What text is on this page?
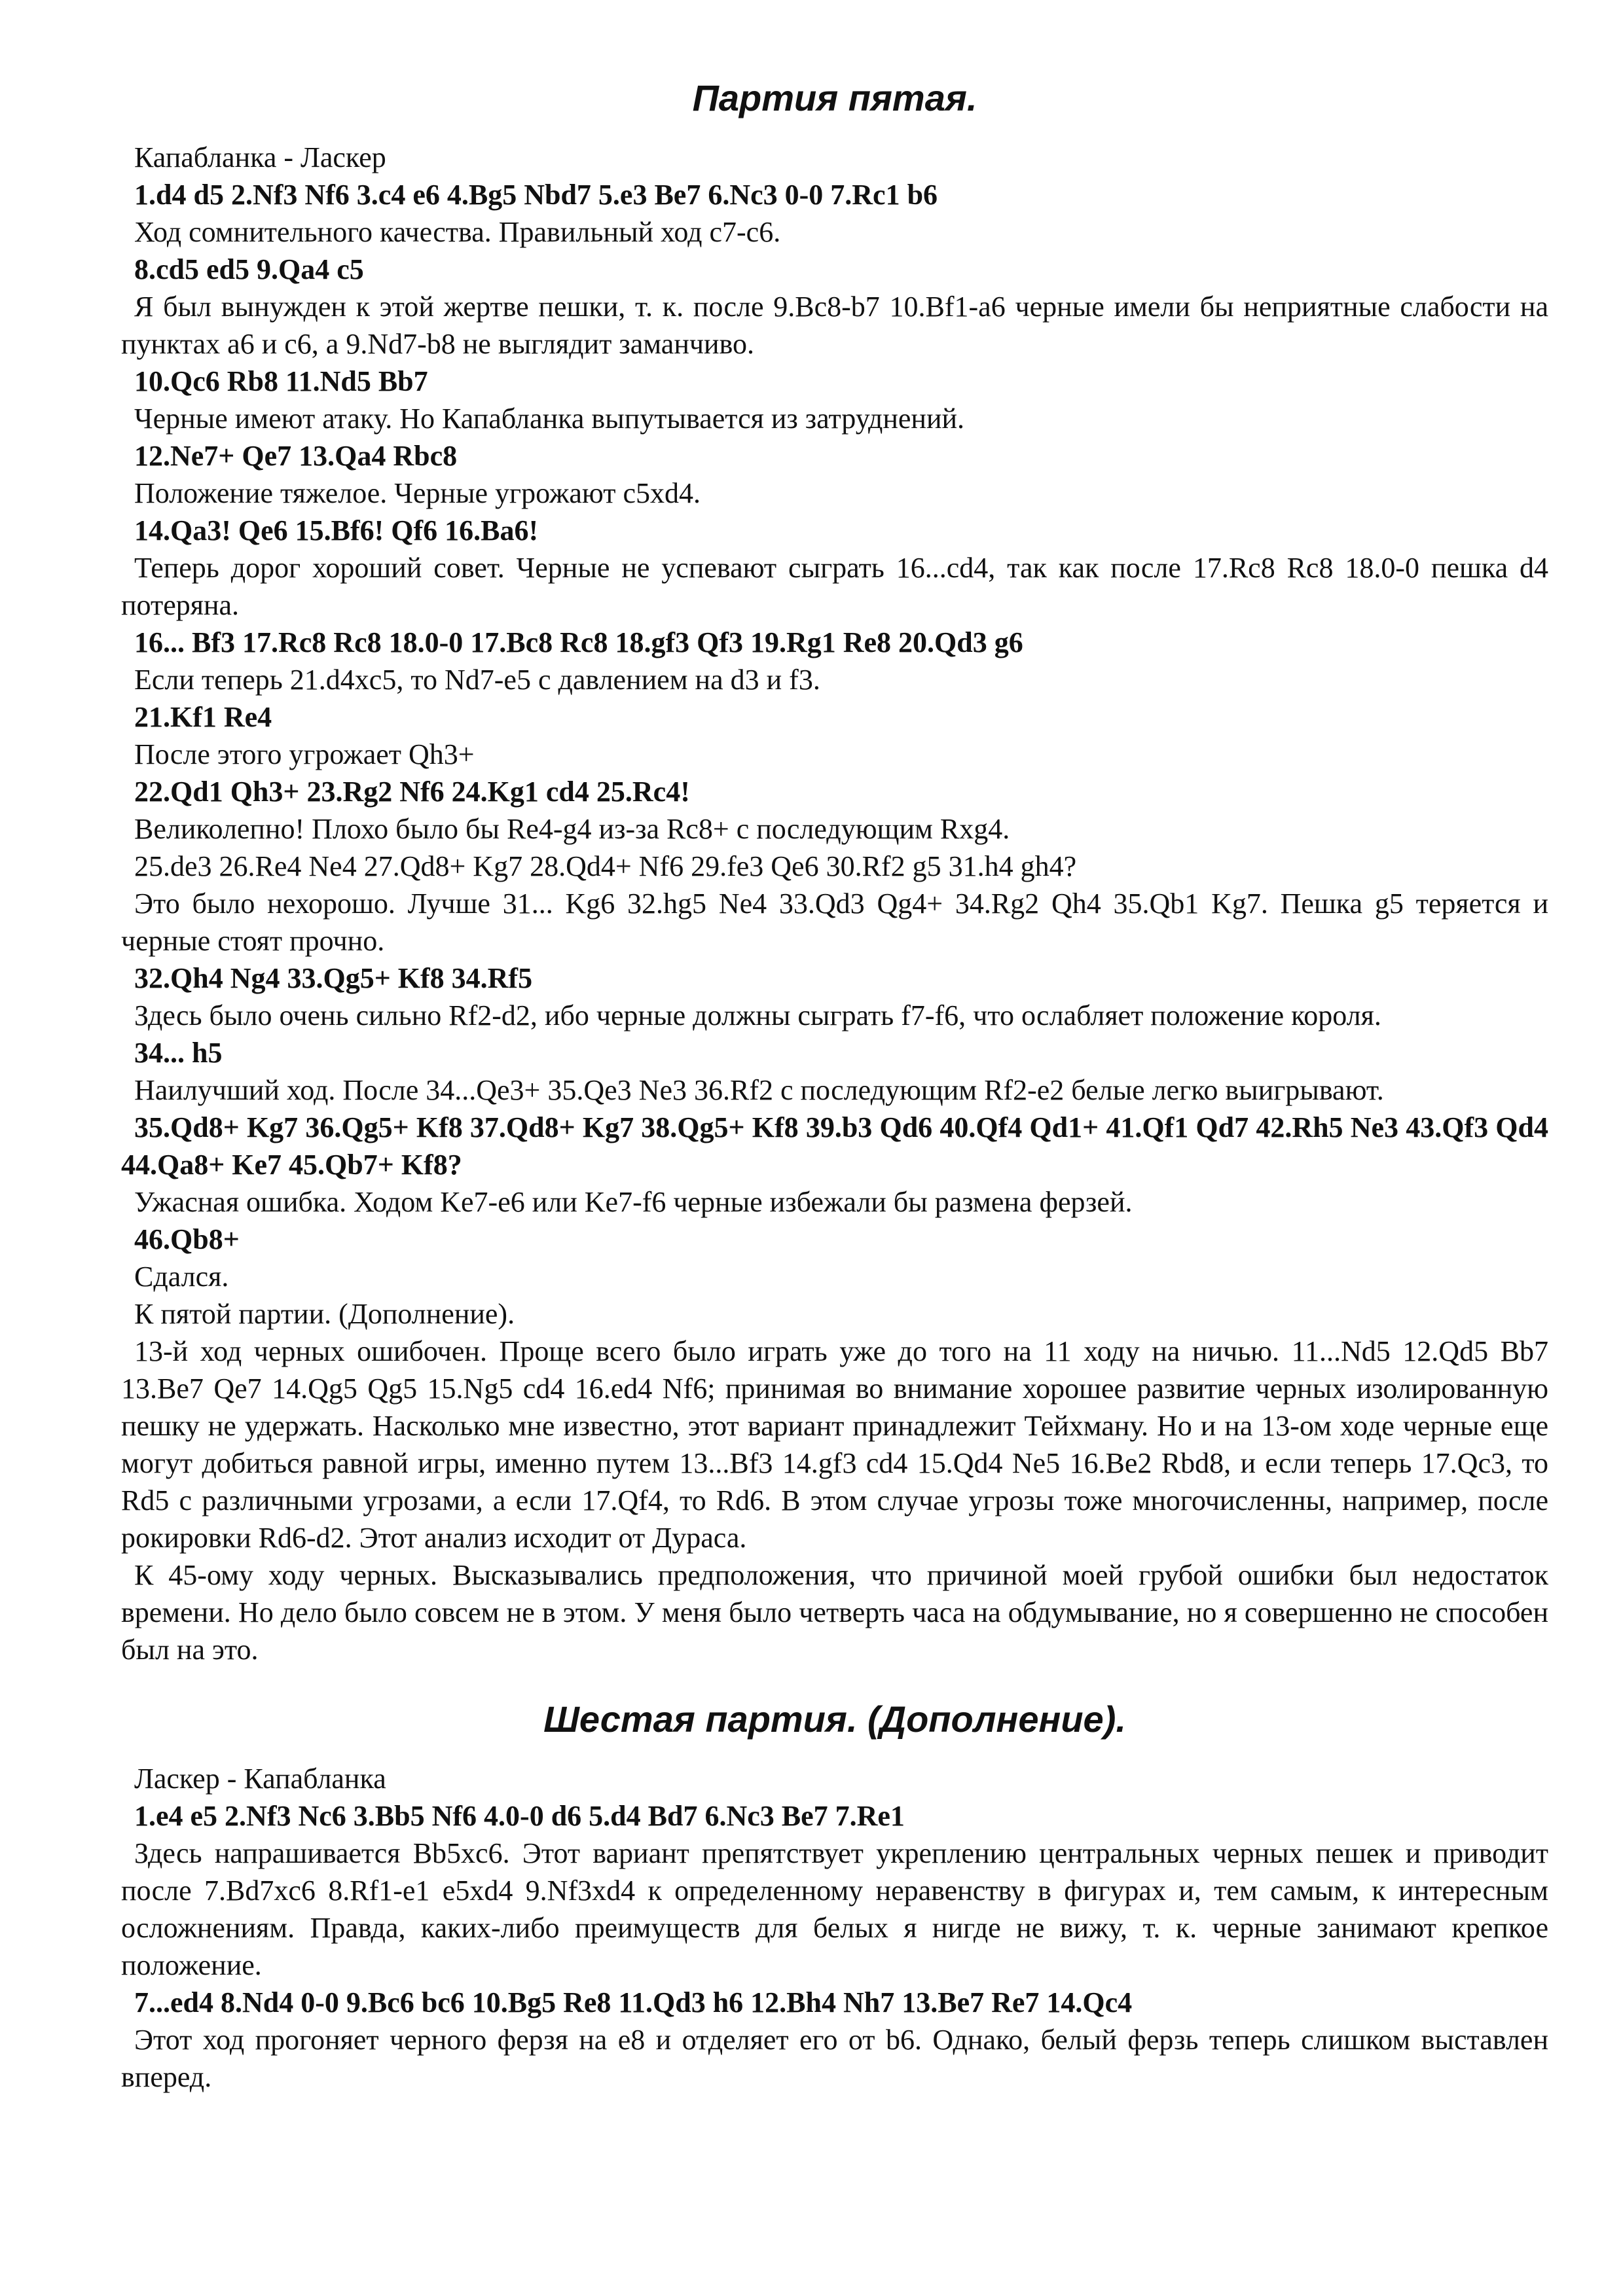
Партия пятая.

Капабланка - Ласкер

1.d4 d5 2.Nf3 Nf6 3.c4 e6 4.Bg5 Nbd7 5.e3 Be7 6.Nc3 0-0 7.Rc1 b6

Ход сомнительного качества. Правильный ход с7-с6.

8.cd5 ed5 9.Qa4 c5

Я был вынужден к этой жертве пешки, т. к. после 9.Bc8-b7 10.Bf1-a6 черные имели бы неприятные слабости на пунктах а6 и с6, а 9.Nd7-b8 не выглядит заманчиво.

10.Qc6 Rb8 11.Nd5 Bb7

Черные имеют атаку. Но Капабланка выпутывается из затруднений.

12.Ne7+ Qe7 13.Qa4 Rbc8

Положение тяжелое. Черные угрожают c5xd4.

14.Qa3! Qe6 15.Bf6! Qf6 16.Ba6!

Теперь дорог хороший совет. Черные не успевают сыграть 16...cd4, так как после 17.Rc8 Rc8 18.0-0 пешка d4 потеряна.

16... Bf3 17.Rc8 Rc8 18.0-0 17.Bc8 Rc8 18.gf3 Qf3 19.Rg1 Re8 20.Qd3 g6

Если теперь 21.d4xc5, то Nd7-e5 с давлением на d3 и f3.

21.Kf1 Re4

После этого угрожает Qh3+

22.Qd1 Qh3+ 23.Rg2 Nf6 24.Kg1 cd4 25.Rc4!

Великолепно! Плохо было бы Re4-g4 из-за Rc8+ с последующим Rxg4.

25.de3 26.Re4 Ne4 27.Qd8+ Kg7 28.Qd4+ Nf6 29.fe3 Qe6 30.Rf2 g5 31.h4 gh4?

Это было нехорошо. Лучше 31... Kg6 32.hg5 Ne4 33.Qd3 Qg4+ 34.Rg2 Qh4 35.Qb1 Kg7. Пешка g5 теряется и черные стоят прочно.

32.Qh4 Ng4 33.Qg5+ Kf8 34.Rf5

Здесь было очень сильно Rf2-d2, ибо черные должны сыграть f7-f6, что ослабляет положение короля.

34... h5

Наилучший ход. После 34...Qe3+ 35.Qe3 Ne3 36.Rf2 с последующим Rf2-e2 белые легко выигрывают.

35.Qd8+ Kg7 36.Qg5+ Kf8 37.Qd8+ Kg7 38.Qg5+ Kf8 39.b3 Qd6 40.Qf4 Qd1+ 41.Qf1 Qd7 42.Rh5 Ne3 43.Qf3 Qd4 44.Qa8+ Ke7 45.Qb7+ Kf8?

Ужасная ошибка. Ходом Ke7-e6 или Ke7-f6 черные избежали бы размена ферзей.

46.Qb8+

Сдался.

К пятой партии. (Дополнение).

13-й ход черных ошибочен. Проще всего было играть уже до того на 11 ходу на ничью. 11...Nd5 12.Qd5 Bb7 13.Be7 Qe7 14.Qg5 Qg5 15.Ng5 cd4 16.ed4 Nf6; принимая во внимание хорошее развитие черных изолированную пешку не удержать. Насколько мне известно, этот вариант принадлежит Тейхману. Но и на 13-ом ходе черные еще могут добиться равной игры, именно путем 13...Bf3 14.gf3 cd4 15.Qd4 Ne5 16.Be2 Rbd8, и если теперь 17.Qc3, то Rd5 с различными угрозами, а если 17.Qf4, то Rd6. В этом случае угрозы тоже многочисленны, например, после рокировки Rd6-d2. Этот анализ исходит от Дураса.

К 45-ому ходу черных. Высказывались предположения, что причиной моей грубой ошибки был недостаток времени. Но дело было совсем не в этом. У меня было четверть часа на обдумывание, но я совершенно не способен был на это.

Шестая партия. (Дополнение).

Ласкер - Капабланка

1.e4 e5 2.Nf3 Nc6 3.Bb5 Nf6 4.0-0 d6 5.d4 Bd7 6.Nc3 Be7 7.Re1

Здесь напрашивается Bb5xc6. Этот вариант препятствует укреплению центральных черных пешек и приводит после 7.Bd7xc6 8.Rf1-e1 e5xd4 9.Nf3xd4 к определенному неравенству в фигурах и, тем самым, к интересным осложнениям. Правда, каких-либо преимуществ для белых я нигде не вижу, т. к. черные занимают крепкое положение.

7...ed4 8.Nd4 0-0 9.Bc6 bc6 10.Bg5 Re8 11.Qd3 h6 12.Bh4 Nh7 13.Be7 Re7 14.Qc4

Этот ход прогоняет черного ферзя на е8 и отделяет его от b6. Однако, белый ферзь теперь слишком выставлен вперед.
